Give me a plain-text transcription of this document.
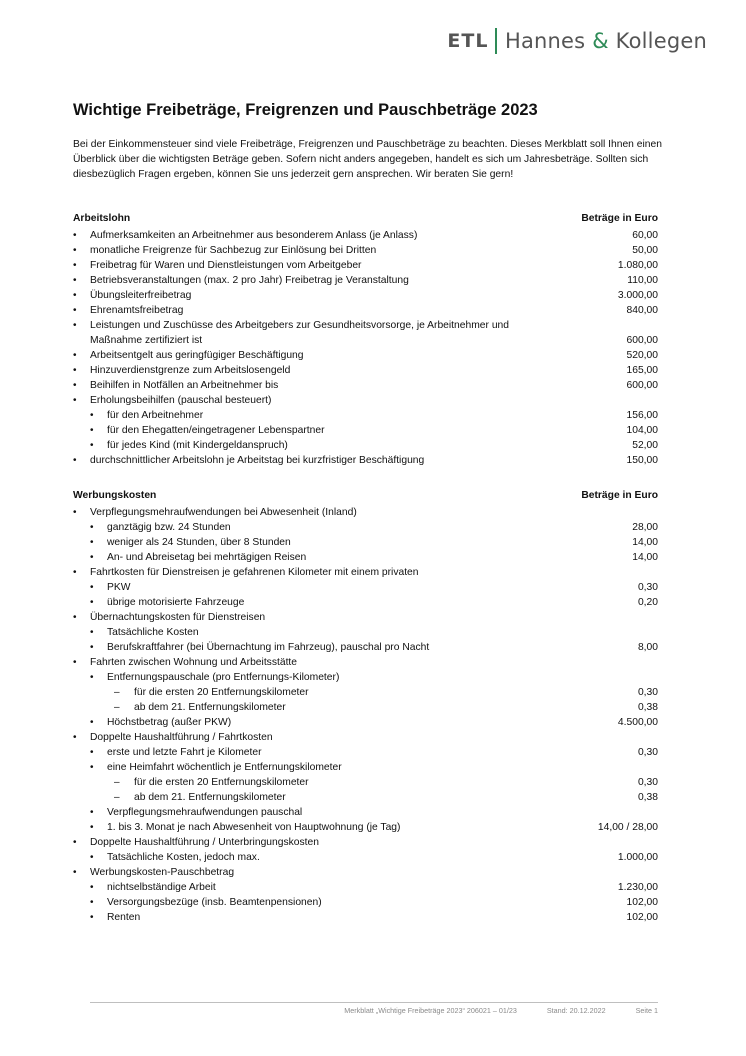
ETL Hannes
&
Kollegen
Wichtige Freibeträge, Freigrenzen und Pauschbeträge 2023

Bei der Einkommensteuer sind viele Freibeträge, Freigrenzen und Pauschbeträge zu beachten. Dieses Merkblatt soll Ihnen einen Überblick über die wichtigsten Beträge geben. Sofern nicht anders angegeben, handelt es sich um Jahresbeträge. Sollten sich diesbezüglich Fragen ergeben, können Sie uns jederzeit gern ansprechen. Wir beraten Sie gern!

Arbeitslohn	Beträge in Euro
• Aufmerksamkeiten an Arbeitnehmer aus besonderem Anlass (je Anlass)	60,00
• monatliche Freigrenze für Sachbezug zur Einlösung bei Dritten	50,00
• Freibetrag für Waren und Dienstleistungen vom Arbeitgeber	1.080,00
• Betriebsveranstaltungen (max. 2 pro Jahr) Freibetrag je Veranstaltung	110,00
• Übungsleiterfreibetrag	3.000,00
• Ehrenamtsfreibetrag	840,00
• Leistungen und Zuschüsse des Arbeitgebers zur Gesundheitsvorsorge, je Arbeitnehmer und Maßnahme zertifiziert ist	600,00
• Arbeitsentgelt aus geringfügiger Beschäftigung	520,00
• Hinzuverdienstgrenze zum Arbeitslosengeld	165,00
• Beihilfen in Notfällen an Arbeitnehmer bis	600,00
• Erholungsbeihilfen (pauschal besteuert)
• für den Arbeitnehmer	156,00
• für den Ehegatten/eingetragener Lebenspartner	104,00
• für jedes Kind (mit Kindergeldanspruch)	52,00
• durchschnittlicher Arbeitslohn je Arbeitstag bei kurzfristiger Beschäftigung	150,00
Werbungskosten	Beträge in Euro
• Verpflegungsmehraufwendungen bei Abwesenheit (Inland)
• ganztägig bzw. 24 Stunden	28,00
• weniger als 24 Stunden, über 8 Stunden	14,00
• An- und Abreisetag bei mehrtägigen Reisen	14,00
• Fahrtkosten für Dienstreisen je gefahrenen Kilometer mit einem privaten
• PKW	0,30
• übrige motorisierte Fahrzeuge	0,20
• Übernachtungskosten für Dienstreisen
• Tatsächliche Kosten
• Berufskraftfahrer (bei Übernachtung im Fahrzeug), pauschal pro Nacht	8,00
• Fahrten zwischen Wohnung und Arbeitsstätte
• Entfernungspauschale (pro Entfernungs-Kilometer)
– für die ersten 20 Entfernungskilometer	0,30
– ab dem 21. Entfernungskilometer	0,38
• Höchstbetrag (außer PKW)	4.500,00
• Doppelte Haushaltführung / Fahrtkosten
• erste und letzte Fahrt je Kilometer	0,30
• eine Heimfahrt wöchentlich je Entfernungskilometer
– für die ersten 20 Entfernungskilometer	0,30
– ab dem 21. Entfernungskilometer	0,38
• Verpflegungsmehraufwendungen pauschal
• 1. bis 3. Monat je nach Abwesenheit von Hauptwohnung (je Tag)	14,00 / 28,00
• Doppelte Haushaltführung / Unterbringungskosten
• Tatsächliche Kosten, jedoch max.	1.000,00
• Werbungskosten-Pauschbetrag
• nichtselbständige Arbeit	1.230,00
• Versorgungsbezüge (insb. Beamtenpensionen)	102,00
• Renten	102,00
Merkblatt „Wichtige Freibeträge 2023“ 206021 – 01/23	Stand: 20.12.2022	Seite 1
